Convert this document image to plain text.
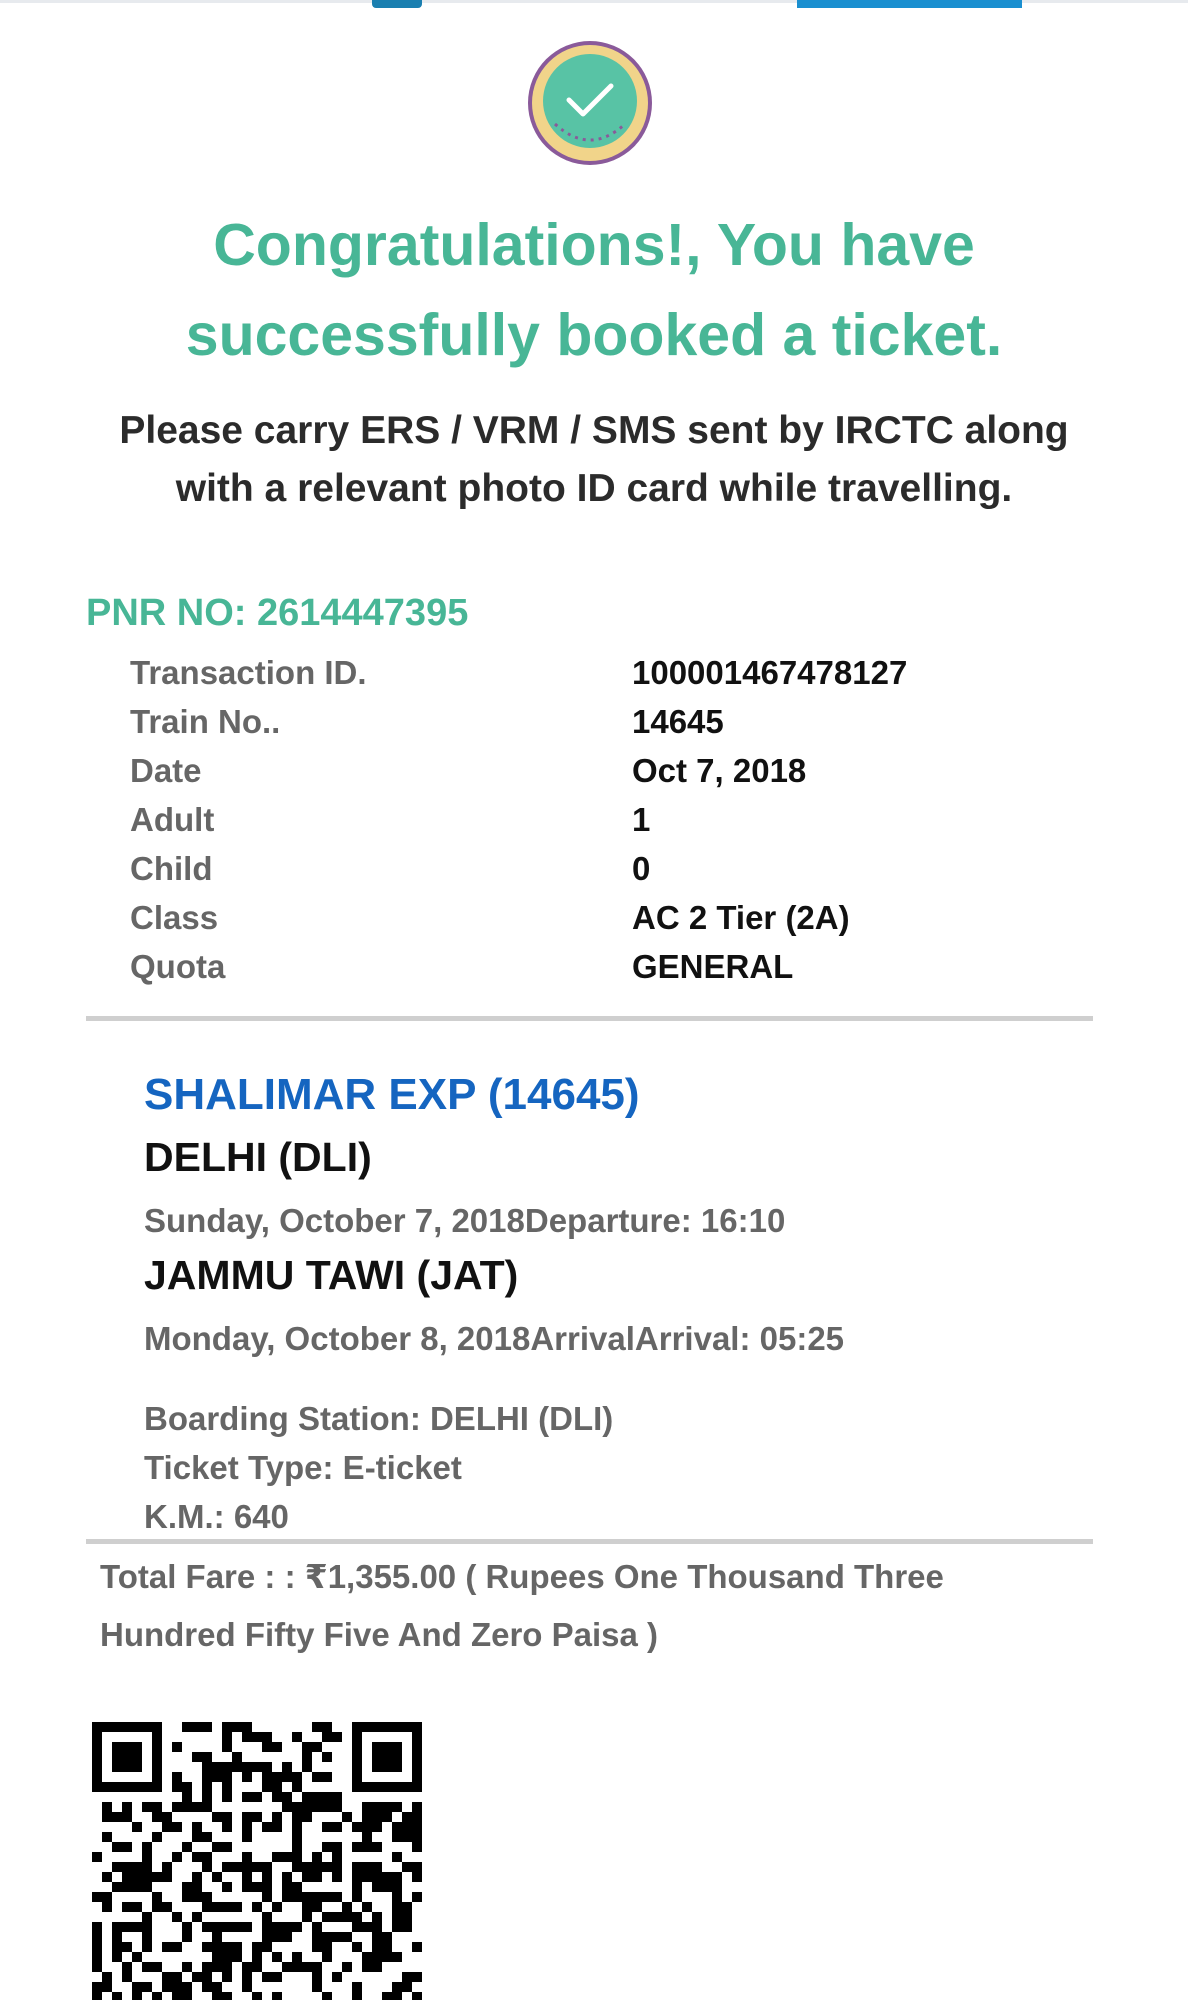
Congratulations!, You have
successfully booked a ticket.
Please carry ERS / VRM / SMS sent by IRCTC along
with a relevant photo ID card while travelling.
PNR NO: 2614447395
Transaction ID.	100001467478127
Train No..	14645
Date	Oct 7, 2018
Adult	1
Child	0
Class	AC 2 Tier (2A)
Quota	GENERAL
SHALIMAR EXP (14645)
DELHI (DLI)
Sunday, October 7, 2018Departure: 16:10
JAMMU TAWI (JAT)
Monday, October 8, 2018ArrivalArrival: 05:25
Boarding Station: DELHI (DLI)
Ticket Type: E-ticket
K.M.: 640
Total Fare : : ₹1,355.00 ( Rupees One Thousand Three
Hundred Fifty Five And Zero Paisa )
